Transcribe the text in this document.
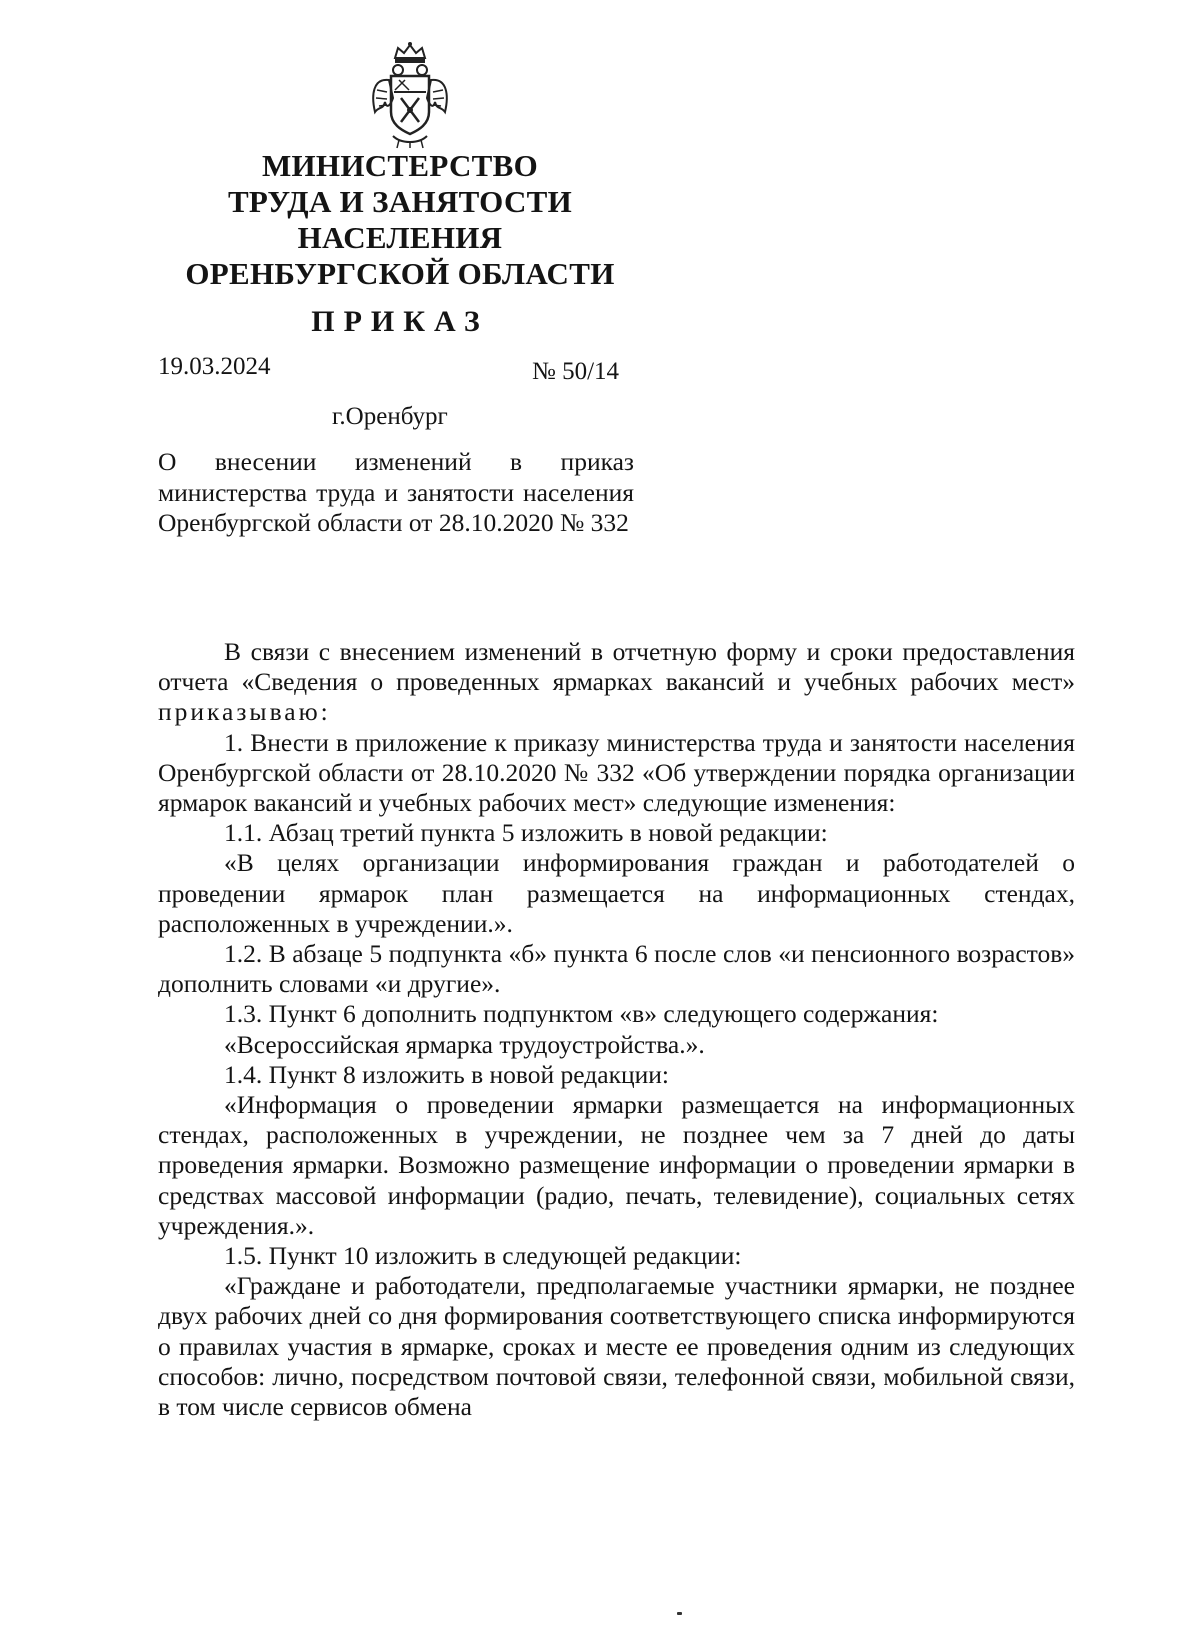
МИНИСТЕРСТВО
ТРУДА И ЗАНЯТОСТИ
НАСЕЛЕНИЯ
ОРЕНБУРГСКОЙ ОБЛАСТИ
ПРИКАЗ
19.03.2024	№ 50/14
г.Оренбург
О внесении изменений в приказ министерства труда и занятости населения Оренбургской области от 28.10.2020 № 332

В связи с внесением изменений в отчетную форму и сроки предоставления отчета «Сведения о проведенных ярмарках вакансий и учебных рабочих мест» приказываю:

1. Внести в приложение к приказу министерства труда и занятости населения Оренбургской области от 28.10.2020 № 332 «Об утверждении порядка организации ярмарок вакансий и учебных рабочих мест» следующие изменения:

1.1. Абзац третий пункта 5 изложить в новой редакции:

«В целях организации информирования граждан и работодателей о проведении ярмарок план размещается на информационных стендах, расположенных в учреждении.».

1.2. В абзаце 5 подпункта «б» пункта 6 после слов «и пенсионного возрастов» дополнить словами «и другие».

1.3. Пункт 6 дополнить подпунктом «в» следующего содержания:

«Всероссийская ярмарка трудоустройства.».

1.4. Пункт 8 изложить в новой редакции:

«Информация о проведении ярмарки размещается на информационных стендах, расположенных в учреждении, не позднее чем за 7 дней до даты проведения ярмарки. Возможно размещение информации о проведении ярмарки в средствах массовой информации (радио, печать, телевидение), социальных сетях учреждения.».

1.5. Пункт 10 изложить в следующей редакции:

«Граждане и работодатели, предполагаемые участники ярмарки, не позднее двух рабочих дней со дня формирования соответствующего списка информируются о правилах участия в ярмарке, сроках и месте ее проведения одним из следующих способов: лично, посредством почтовой связи, телефонной связи, мобильной связи, в том числе сервисов обмена
